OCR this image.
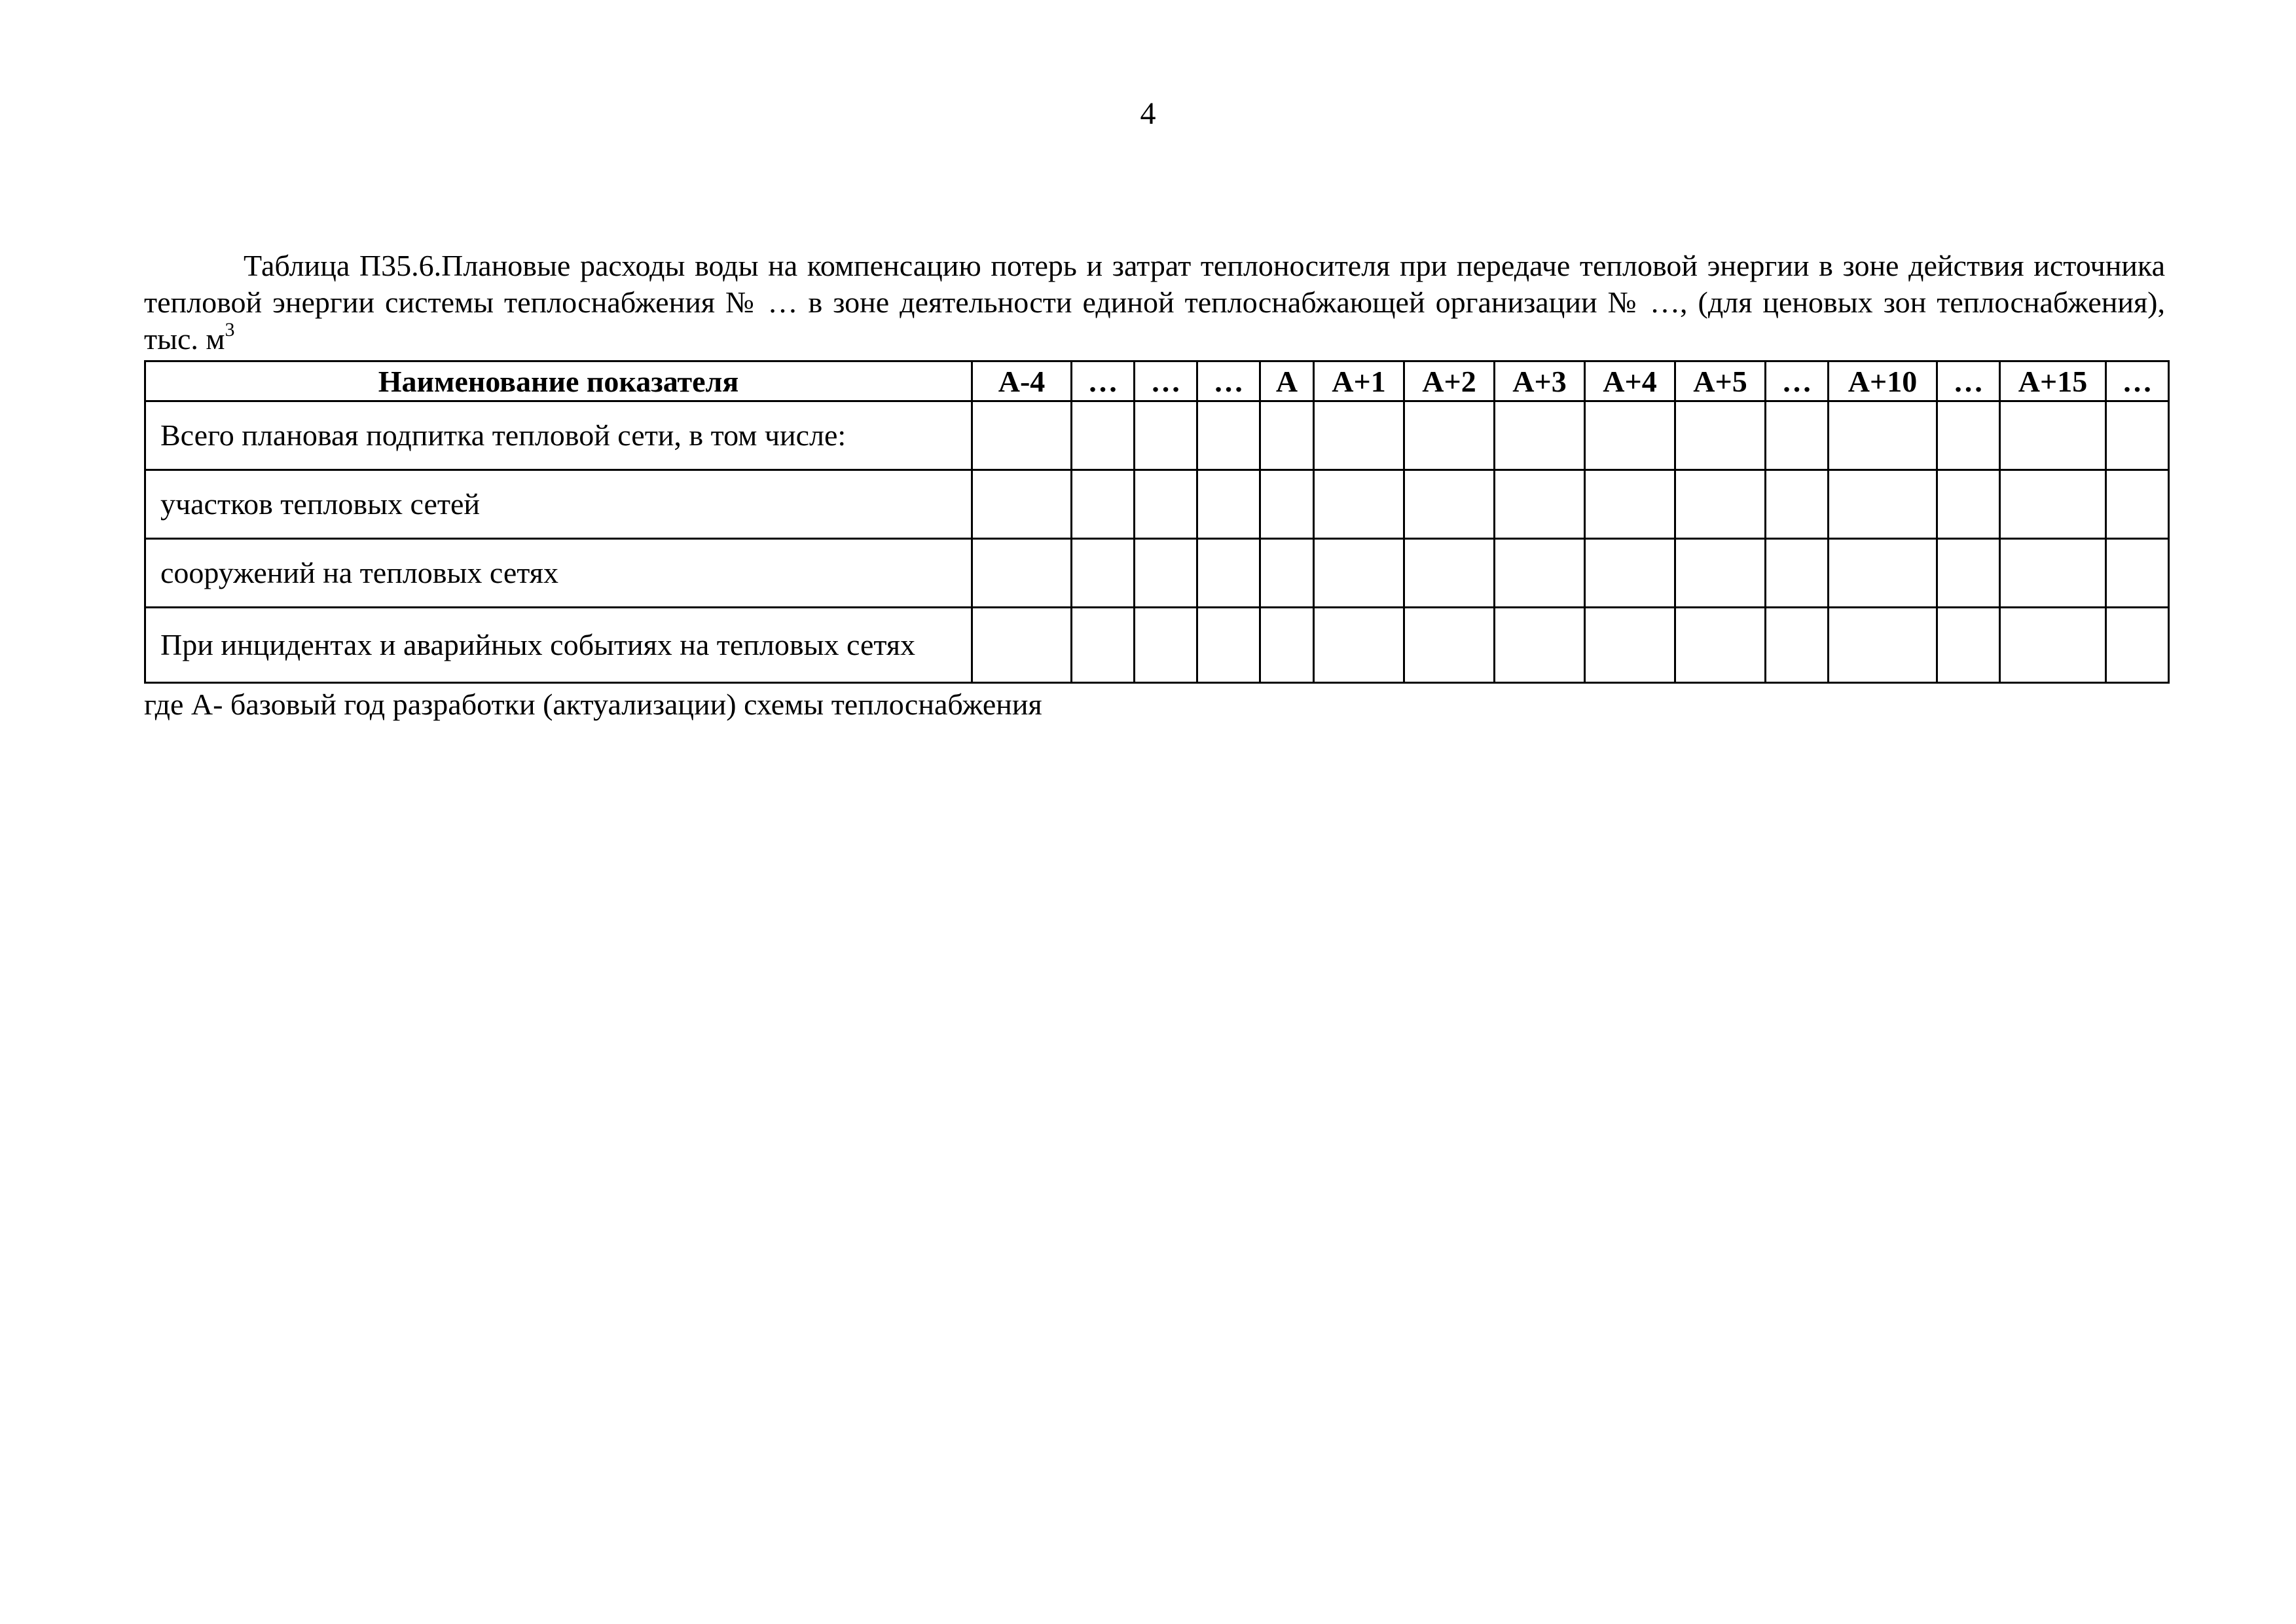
4

Таблица П35.6.Плановые расходы воды на компенсацию потерь и затрат теплоносителя при передаче тепловой энергии в зоне действия источника тепловой энергии системы теплоснабжения № … в зоне деятельности единой теплоснабжающей организации № …, (для ценовых зон теплоснабжения), тыс. $м^3$

Наименование показателя	А-4	…	…	…	А	А+1	А+2	А+3	А+4	А+5	…	А+10	…	А+15	…
Всего плановая подпитка тепловой сети, в том числе:															
участков тепловых сетей															
сооружений на тепловых сетях															
При инцидентах и аварийных событиях на тепловых сетях															
где А- базовый год разработки (актуализации) схемы теплоснабжения
